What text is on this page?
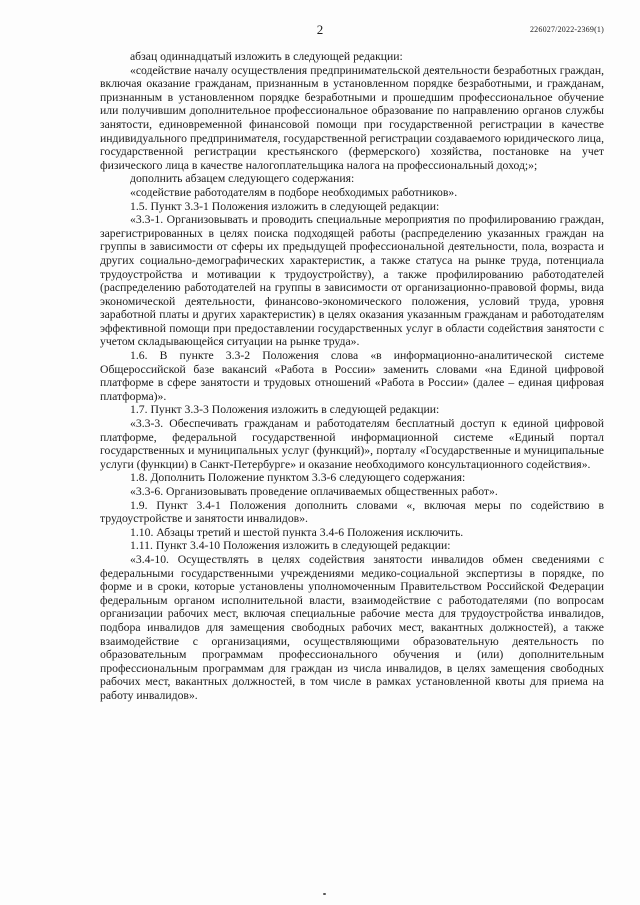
2	226027/2022-2369(1)

абзац одиннадцатый изложить в следующей редакции:

«содействие началу осуществления предпринимательской деятельности безработных граждан, включая оказание гражданам, признанным в установленном порядке безработными, и гражданам, признанным в установленном порядке безработными и прошедшим профессиональное обучение или получившим дополнительное профессиональное образование по направлению органов службы занятости, единовременной финансовой помощи при государственной регистрации в качестве индивидуального предпринимателя, государственной регистрации создаваемого юридического лица, государственной регистрации крестьянского (фермерского) хозяйства, постановке на учет физического лица в качестве налогоплательщика налога на профессиональный доход;»;

дополнить абзацем следующего содержания:

«содействие работодателям в подборе необходимых работников».

1.5. Пункт 3.3-1 Положения изложить в следующей редакции:

«3.3-1. Организовывать и проводить специальные мероприятия по профилированию граждан, зарегистрированных в целях поиска подходящей работы (распределению указанных граждан на группы в зависимости от сферы их предыдущей профессиональной деятельности, пола, возраста и других социально-демографических характеристик, а также статуса на рынке труда, потенциала трудоустройства и мотивации к трудоустройству), а также профилированию работодателей (распределению работодателей на группы в зависимости от организационно-правовой формы, вида экономической деятельности, финансово-экономического положения, условий труда, уровня заработной платы и других характеристик) в целях оказания указанным гражданам и работодателям эффективной помощи при предоставлении государственных услуг в области содействия занятости с учетом складывающейся ситуации на рынке труда».

1.6. В пункте 3.3-2 Положения слова «в информационно-аналитической системе Общероссийской базе вакансий «Работа в России» заменить словами «на Единой цифровой платформе в сфере занятости и трудовых отношений «Работа в России» (далее – единая цифровая платформа)».

1.7. Пункт 3.3-3 Положения изложить в следующей редакции:

«3.3-3. Обеспечивать гражданам и работодателям бесплатный доступ к единой цифровой платформе, федеральной государственной информационной системе «Единый портал государственных и муниципальных услуг (функций)», порталу «Государственные и муниципальные услуги (функции) в Санкт-Петербурге» и оказание необходимого консультационного содействия».

1.8. Дополнить Положение пунктом 3.3-6 следующего содержания:

«3.3-6. Организовывать проведение оплачиваемых общественных работ».

1.9. Пункт 3.4-1 Положения дополнить словами «, включая меры по содействию в трудоустройстве и занятости инвалидов».

1.10. Абзацы третий и шестой пункта 3.4-6 Положения исключить.

1.11. Пункт 3.4-10 Положения изложить в следующей редакции:

«3.4-10. Осуществлять в целях содействия занятости инвалидов обмен сведениями с федеральными государственными учреждениями медико-социальной экспертизы в порядке, по форме и в сроки, которые установлены уполномоченным Правительством Российской Федерации федеральным органом исполнительной власти, взаимодействие с работодателями (по вопросам организации рабочих мест, включая специальные рабочие места для трудоустройства инвалидов, подбора инвалидов для замещения свободных рабочих мест, вакантных должностей), а также взаимодействие с организациями, осуществляющими образовательную деятельность по образовательным программам профессионального обучения и (или) дополнительным профессиональным программам для граждан из числа инвалидов, в целях замещения свободных рабочих мест, вакантных должностей, в том числе в рамках установленной квоты для приема на работу инвалидов».
